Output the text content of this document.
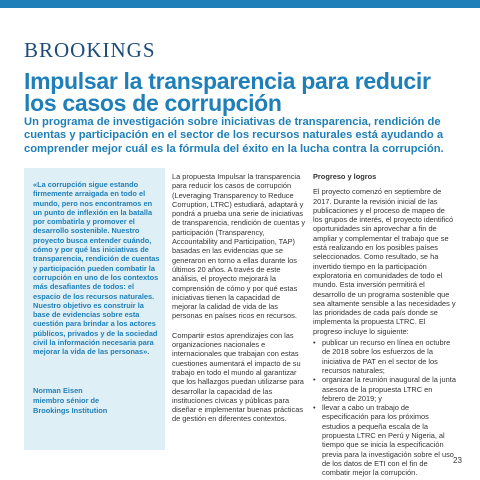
BROOKINGS
Impulsar la transparencia para reducir los casos de corrupción

Un programa de investigación sobre iniciativas de transparencia, rendición de cuentas y participación en el sector de los recursos naturales está ayudando a comprender mejor cuál es la fórmula del éxito en la lucha contra la corrupción.

«La corrupción sigue estando firmemente arraigada en todo el mundo, pero nos encontramos en un punto de inflexión en la batalla por combatirla y promover el desarrollo sostenible. Nuestro proyecto busca entender cuándo, cómo y por qué las iniciativas de transparencia, rendición de cuentas y participación pueden combatir la corrupción en uno de los contextos más desafiantes de todos: el espacio de los recursos naturales. Nuestro objetivo es construir la base de evidencias sobre esta cuestión para brindar a los actores públicos, privados y de la sociedad civil la información necesaria para mejorar la vida de las personas».

Norman Eisen
miembro sénior de
Brookings Institution

La propuesta Impulsar la transparencia para reducir los casos de corrupción (Leveraging Transparency to Reduce Corruption, LTRC) estudiará, adaptará y pondrá a prueba una serie de iniciativas de transparencia, rendición de cuentas y participación (Transparency, Accountability and Participation, TAP) basadas en las evidencias que se generaron en torno a ellas durante los últimos 20 años. A través de este análisis, el proyecto mejorará la comprensión de cómo y por qué estas iniciativas tienen la capacidad de mejorar la calidad de vida de las personas en países ricos en recursos.

Compartir estos aprendizajes con las organizaciones nacionales e internacionales que trabajan con estas cuestiones aumentará el impacto de su trabajo en todo el mundo al garantizar que los hallazgos puedan utilizarse para desarrollar la capacidad de las instituciones cívicas y públicas para diseñar e implementar buenas prácticas de gestión en diferentes contextos.

Progreso y logros

El proyecto comenzó en septiembre de 2017. Durante la revisión inicial de las publicaciones y el proceso de mapeo de los grupos de interés, el proyecto identificó oportunidades sin aprovechar a fin de ampliar y complementar el trabajo que se está realizando en los posibles países seleccionados. Como resultado, se ha invertido tiempo en la participación exploratoria en comunidades de todo el mundo. Esta inversión permitirá el desarrollo de un programa sostenible que sea altamente sensible a las necesidades y las prioridades de cada país donde se implementa la propuesta LTRC. El progreso incluye lo siguiente:

• publicar un recurso en línea en octubre de 2018 sobre los esfuerzos de la iniciativa de PAT en el sector de los recursos naturales;
• organizar la reunión inaugural de la junta asesora de la propuesta LTRC en febrero de 2019; y
• llevar a cabo un trabajo de especificación para los próximos estudios a pequeña escala de la propuesta LTRC en Perú y Nigeria, al tiempo que se inicia la especificación previa para la investigación sobre el uso de los datos de ETI con el fin de combatir mejor la corrupción.
23
